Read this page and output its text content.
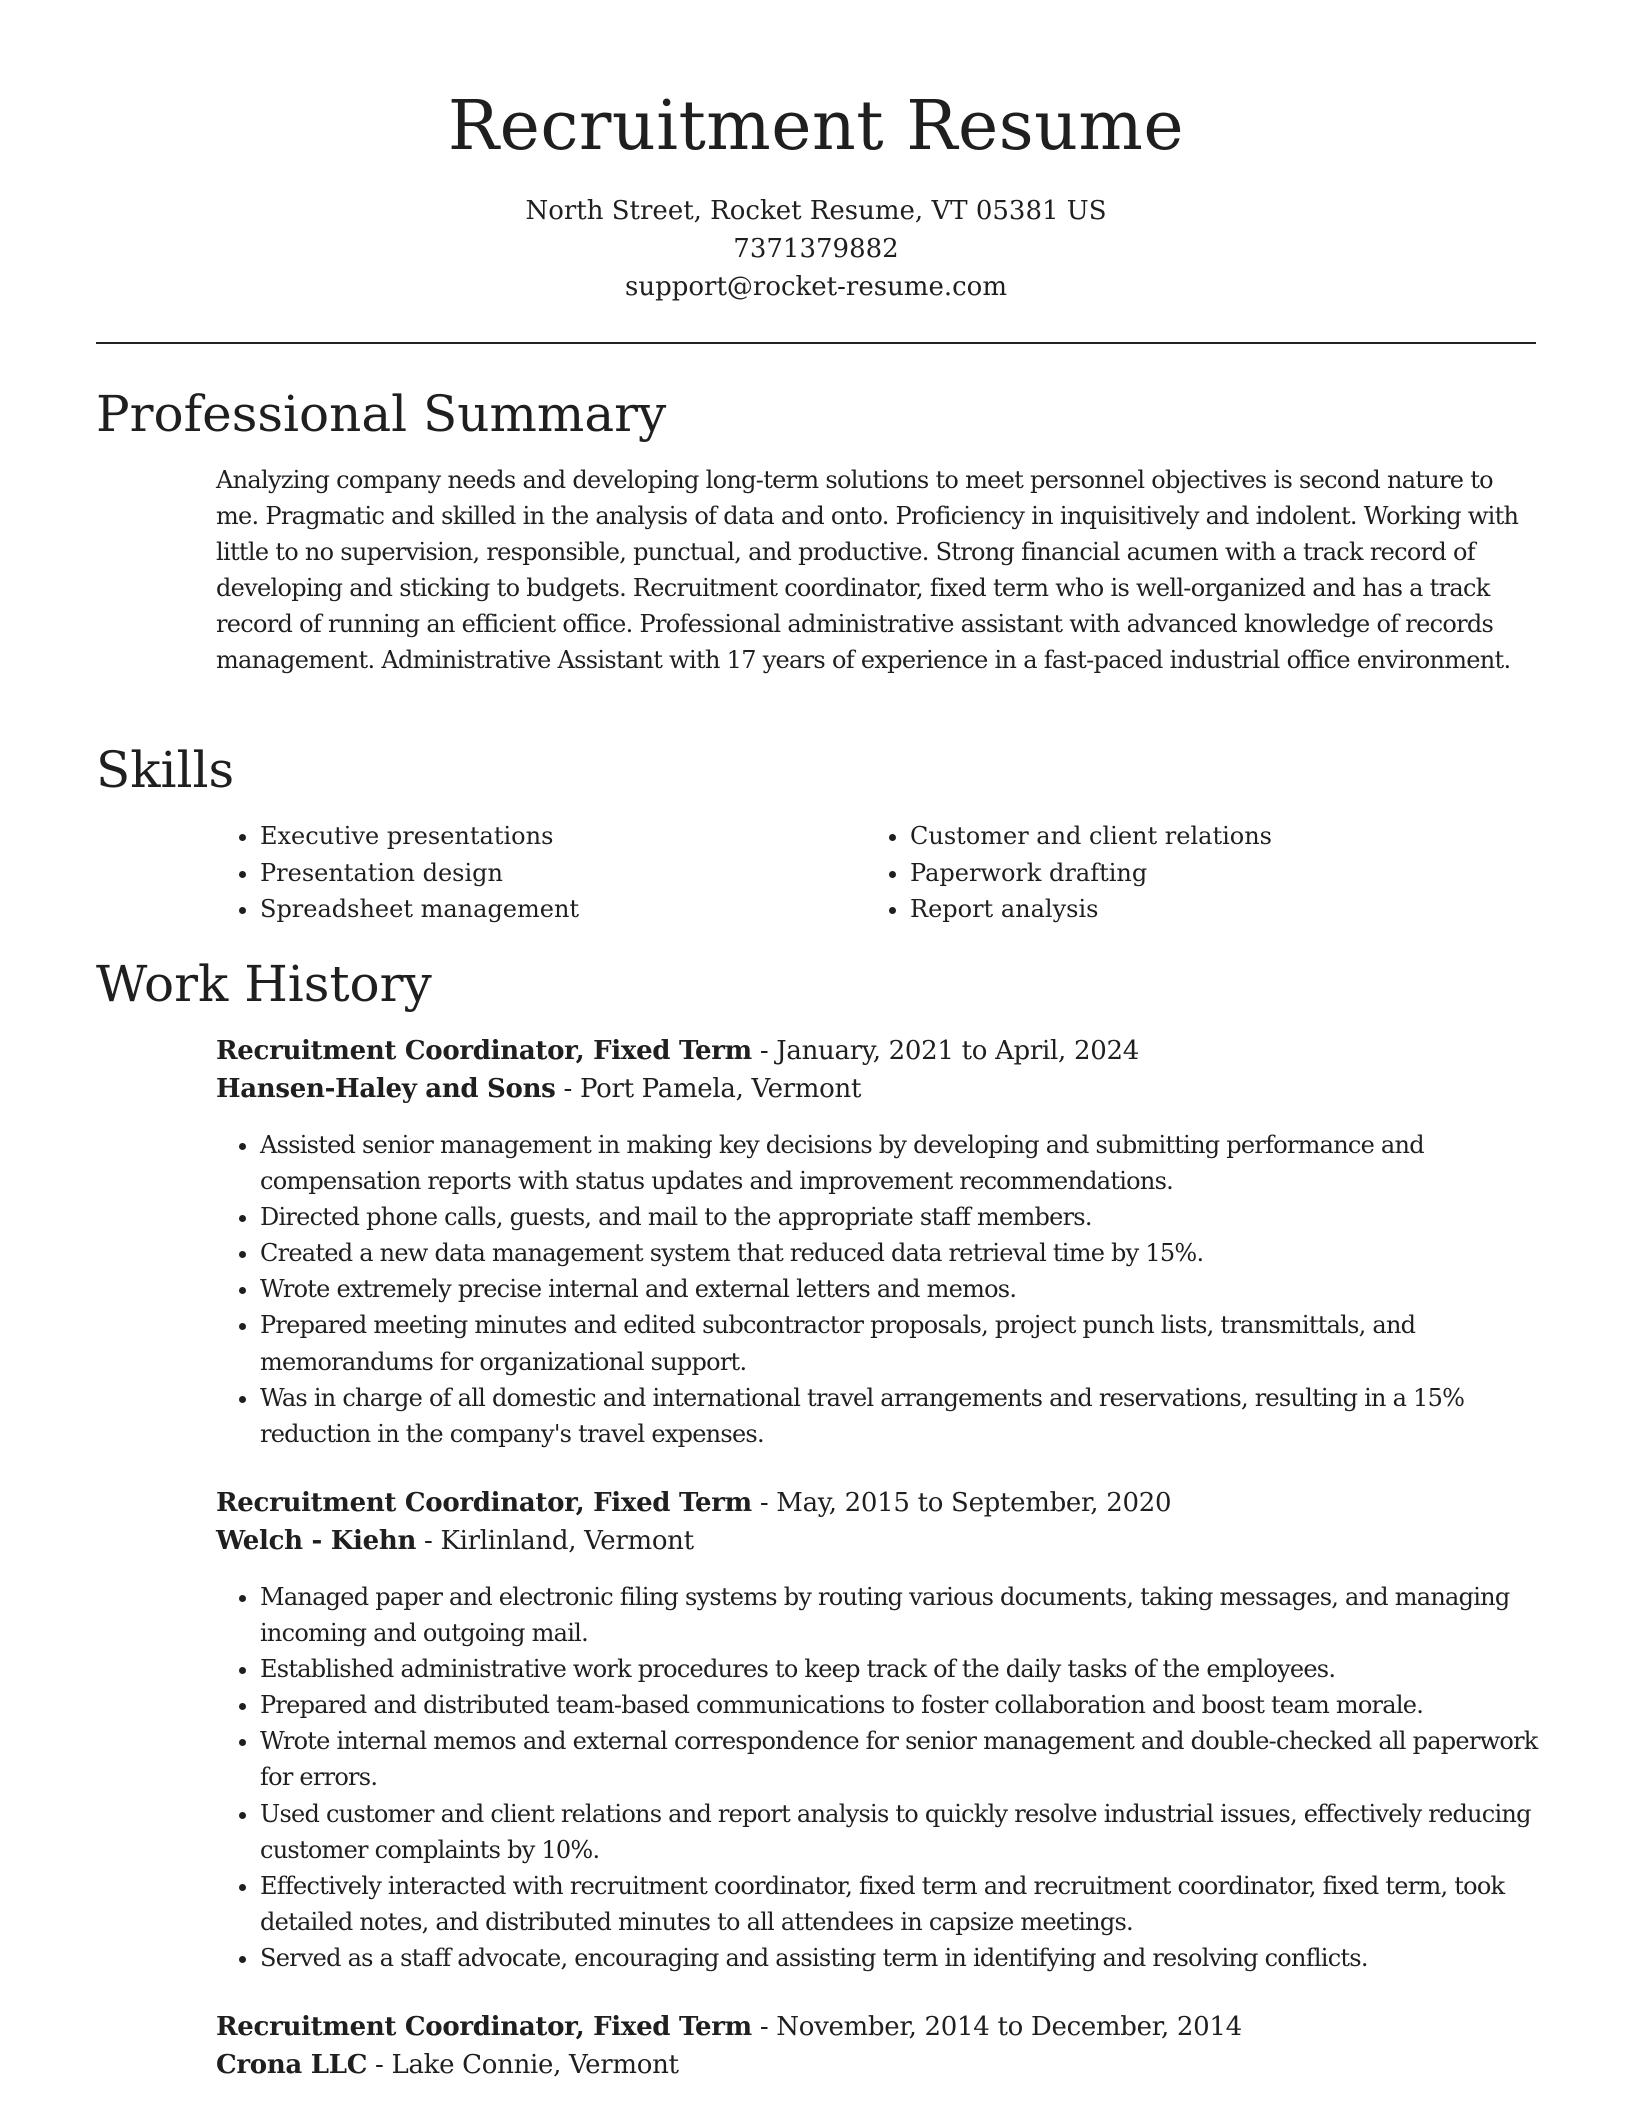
Recruitment Resume
North Street, Rocket Resume, VT 05381 US
7371379882
support@rocket-resume.com
Professional Summary

Analyzing company needs and developing long-term solutions to meet personnel objectives is second nature to me. Pragmatic and skilled in the analysis of data and onto. Proficiency in inquisitively and indolent. Working with little to no supervision, responsible, punctual, and productive. Strong financial acumen with a track record of developing and sticking to budgets. Recruitment coordinator, fixed term who is well-organized and has a track record of running an efficient office. Professional administrative assistant with advanced knowledge of records management. Administrative Assistant with 17 years of experience in a fast-paced industrial office environment.

Skills
• Executive presentations
• Presentation design
• Spreadsheet management
• Customer and client relations
• Paperwork drafting
• Report analysis
Work History
Recruitment Coordinator, Fixed Term - January, 2021 to April, 2024
Hansen-Haley and Sons - Port Pamela, Vermont
• Assisted senior management in making key decisions by developing and submitting performance and compensation reports with status updates and improvement recommendations.
• Directed phone calls, guests, and mail to the appropriate staff members.
• Created a new data management system that reduced data retrieval time by 15%.
• Wrote extremely precise internal and external letters and memos.
• Prepared meeting minutes and edited subcontractor proposals, project punch lists, transmittals, and memorandums for organizational support.
• Was in charge of all domestic and international travel arrangements and reservations, resulting in a 15% reduction in the company's travel expenses.
Recruitment Coordinator, Fixed Term - May, 2015 to September, 2020
Welch - Kiehn - Kirlinland, Vermont
• Managed paper and electronic filing systems by routing various documents, taking messages, and managing incoming and outgoing mail.
• Established administrative work procedures to keep track of the daily tasks of the employees.
• Prepared and distributed team-based communications to foster collaboration and boost team morale.
• Wrote internal memos and external correspondence for senior management and double-checked all paperwork for errors.
• Used customer and client relations and report analysis to quickly resolve industrial issues, effectively reducing customer complaints by 10%.
• Effectively interacted with recruitment coordinator, fixed term and recruitment coordinator, fixed term, took detailed notes, and distributed minutes to all attendees in capsize meetings.
• Served as a staff advocate, encouraging and assisting term in identifying and resolving conflicts.
Recruitment Coordinator, Fixed Term - November, 2014 to December, 2014
Crona LLC - Lake Connie, Vermont
